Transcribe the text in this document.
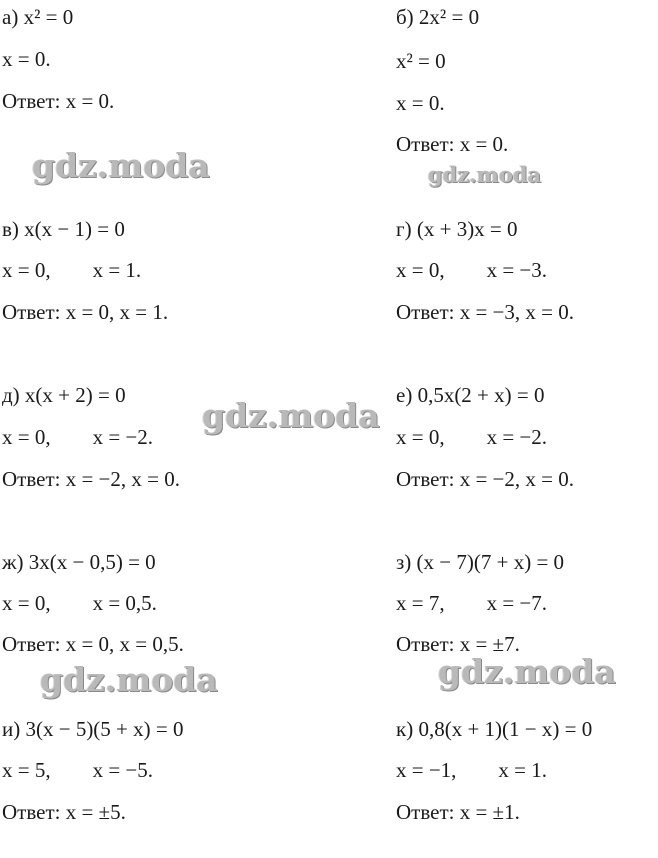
а) x² = 0
x = 0.
Ответ: x = 0.
б) 2x² = 0
x² = 0
x = 0.
Ответ: x = 0.
в) x(x − 1) = 0
x = 0,        x = 1.
Ответ: x = 0, x = 1.
г) (x + 3)x = 0
x = 0,        x = −3.
Ответ: x = −3, x = 0.
д) x(x + 2) = 0
x = 0,        x = −2.
Ответ: x = −2, x = 0.
е) 0,5x(2 + x) = 0
x = 0,        x = −2.
Ответ: x = −2, x = 0.
ж) 3x(x − 0,5) = 0
x = 0,        x = 0,5.
Ответ: x = 0, x = 0,5.
з) (x − 7)(7 + x) = 0
x = 7,        x = −7.
Ответ: x = ±7.
и) 3(x − 5)(5 + x) = 0
x = 5,        x = −5.
Ответ: x = ±5.
к) 0,8(x + 1)(1 − x) = 0
x = −1,        x = 1.
Ответ: x = ±1.
gdz.moda	gdz.moda
gdz.moda
gdz.moda	gdz.moda
